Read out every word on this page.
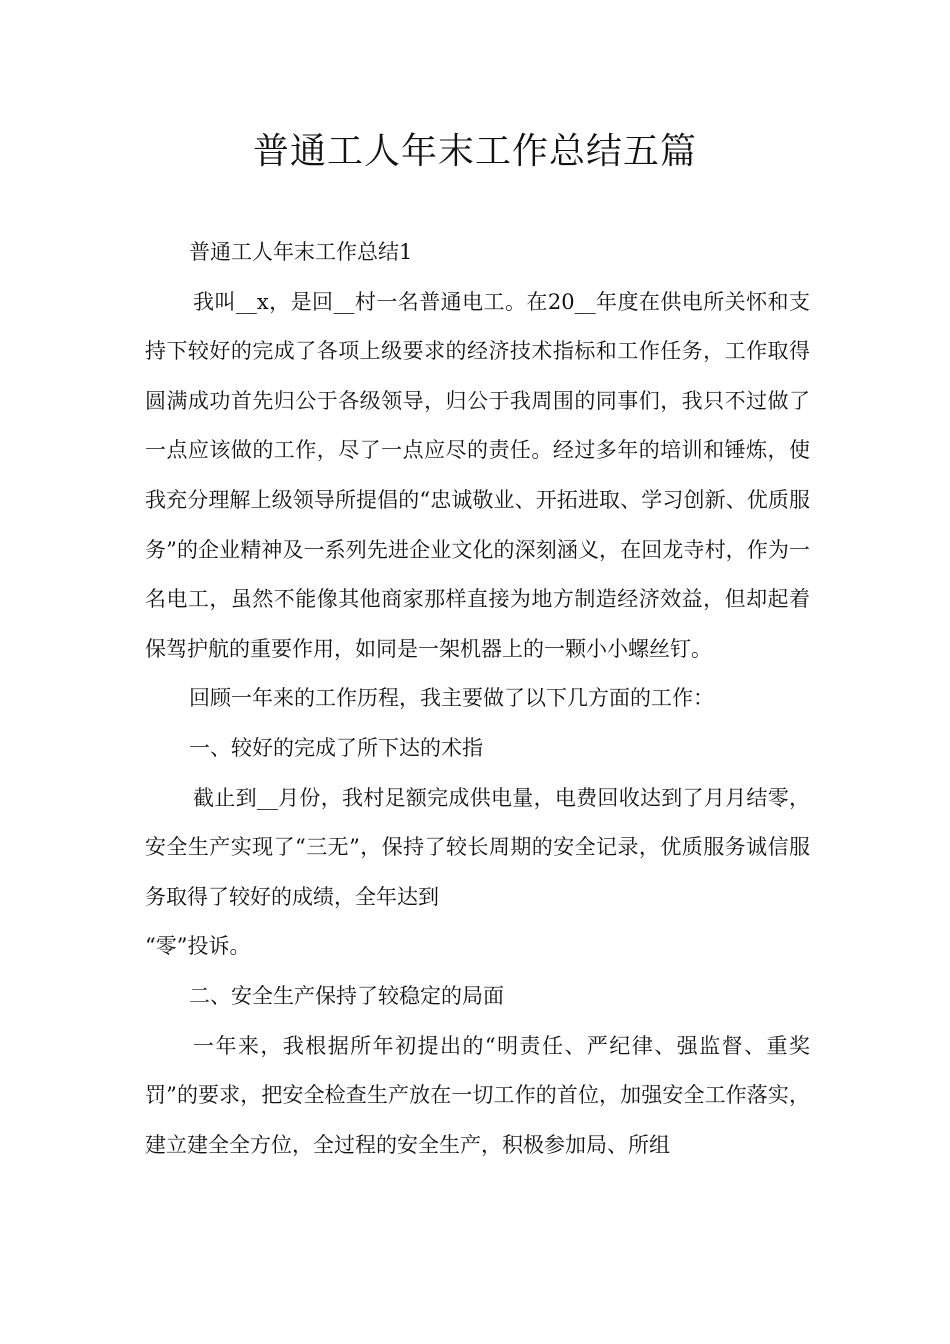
普通工人年末工作总结五篇

普通工人年末工作总结1

我叫__x，是回__村一名普通电工。在20__年度在供电所关怀和支持下较好的完成了各项上级要求的经济技术指标和工作任务，工作取得圆满成功首先归公于各级领导，归公于我周围的同事们，我只不过做了一点应该做的工作，尽了一点应尽的责任。经过多年的培训和锤炼，使我充分理解上级领导所提倡的“忠诚敬业、开拓进取、学习创新、优质服务”的企业精神及一系列先进企业文化的深刻涵义，在回龙寺村，作为一名电工，虽然不能像其他商家那样直接为地方制造经济效益，但却起着保驾护航的重要作用，如同是一架机器上的一颗小小螺丝钉。

回顾一年来的工作历程，我主要做了以下几方面的工作：

一、较好的完成了所下达的术指

截止到__月份，我村足额完成供电量，电费回收达到了月月结零，安全生产实现了“三无”，保持了较长周期的安全记录，优质服务诚信服务取得了较好的成绩，全年达到

“零”投诉。

二、安全生产保持了较稳定的局面

一年来，我根据所年初提出的“明责任、严纪律、强监督、重奖罚”的要求，把安全检查生产放在一切工作的首位，加强安全工作落实，建立建全全方位，全过程的安全生产，积极参加局、所组
